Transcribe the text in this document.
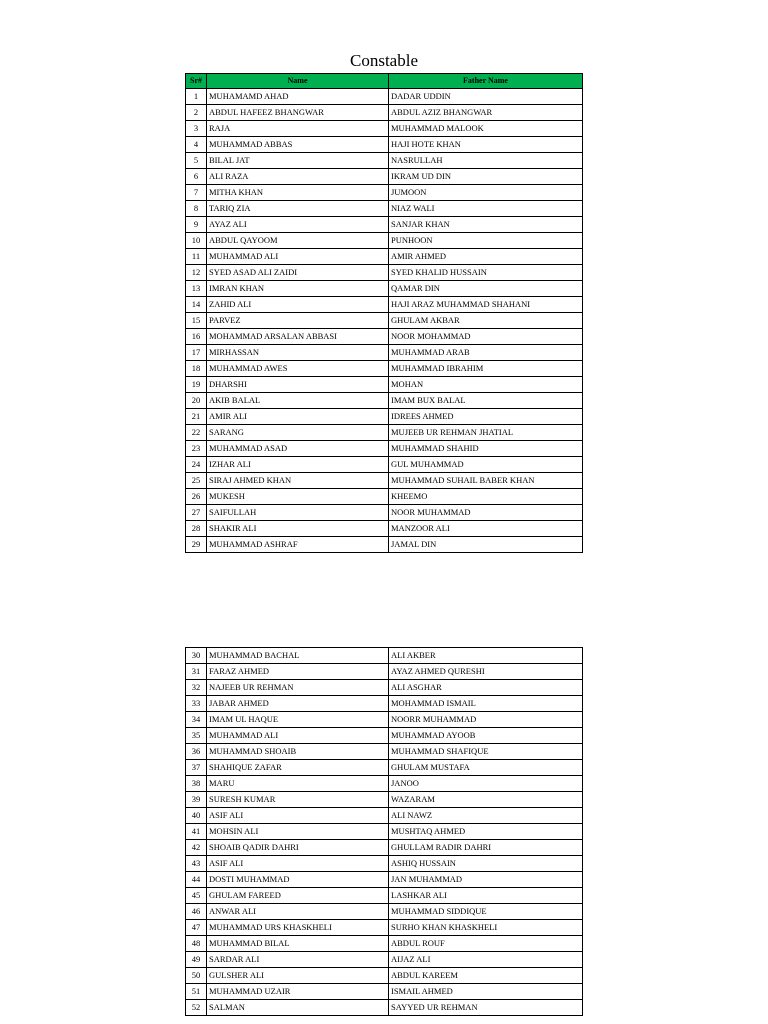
Constable
Sr#	Name	Father Name
1	MUHAMAMD AHAD	DADAR UDDIN
2	ABDUL HAFEEZ BHANGWAR	ABDUL AZIZ BHANGWAR
3	RAJA	MUHAMMAD MALOOK
4	MUHAMMAD ABBAS	HAJI HOTE KHAN
5	BILAL JAT	NASRULLAH
6	ALI RAZA	IKRAM UD DIN
7	MITHA KHAN	JUMOON
8	TARIQ ZIA	NIAZ WALI
9	AYAZ ALI	SANJAR KHAN
10	ABDUL QAYOOM	PUNHOON
11	MUHAMMAD ALI	AMIR AHMED
12	SYED ASAD ALI ZAIDI	SYED KHALID HUSSAIN
13	IMRAN KHAN	QAMAR DIN
14	ZAHID ALI	HAJI ARAZ MUHAMMAD SHAHANI
15	PARVEZ	GHULAM AKBAR
16	MOHAMMAD ARSALAN ABBASI	NOOR MOHAMMAD
17	MIRHASSAN	MUHAMMAD ARAB
18	MUHAMMAD AWES	MUHAMMAD IBRAHIM
19	DHARSHI	MOHAN
20	AKIB BALAL	IMAM BUX BALAL
21	AMIR ALI	IDREES AHMED
22	SARANG	MUJEEB UR REHMAN JHATIAL
23	MUHAMMAD ASAD	MUHAMMAD SHAHID
24	IZHAR ALI	GUL MUHAMMAD
25	SIRAJ AHMED KHAN	MUHAMMAD SUHAIL BABER KHAN
26	MUKESH	KHEEMO
27	SAIFULLAH	NOOR MUHAMMAD
28	SHAKIR ALI	MANZOOR ALI
29	MUHAMMAD ASHRAF	JAMAL DIN
30	MUHAMMAD BACHAL	ALI AKBER
31	FARAZ AHMED	AYAZ AHMED QURESHI
32	NAJEEB UR REHMAN	ALI ASGHAR
33	JABAR AHMED	MOHAMMAD ISMAIL
34	IMAM UL HAQUE	NOORR MUHAMMAD
35	MUHAMMAD ALI	MUHAMMAD AYOOB
36	MUHAMMAD SHOAIB	MUHAMMAD SHAFIQUE
37	SHAHIQUE ZAFAR	GHULAM MUSTAFA
38	MARU	JANOO
39	SURESH KUMAR	WAZARAM
40	ASIF ALI	ALI NAWZ
41	MOHSIN ALI	MUSHTAQ AHMED
42	SHOAIB QADIR DAHRI	GHULLAM RADIR DAHRI
43	ASIF ALI	ASHIQ HUSSAIN
44	DOSTI MUHAMMAD	JAN MUHAMMAD
45	GHULAM FAREED	LASHKAR ALI
46	ANWAR ALI	MUHAMMAD SIDDIQUE
47	MUHAMMAD URS KHASKHELI	SURHO KHAN KHASKHELI
48	MUHAMMAD BILAL	ABDUL ROUF
49	SARDAR ALI	AIJAZ ALI
50	GULSHER ALI	ABDUL KAREEM
51	MUHAMMAD UZAIR	ISMAIL AHMED
52	SALMAN	SAYYED UR REHMAN
